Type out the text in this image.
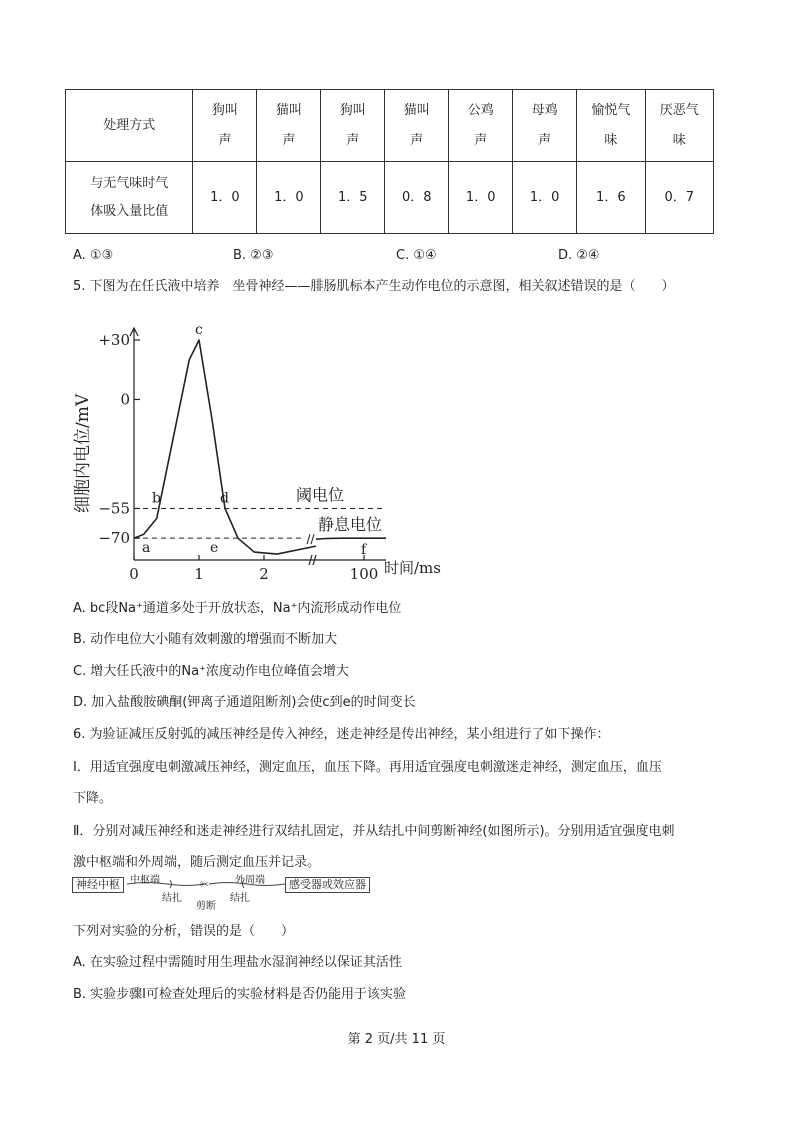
处理方式	狗叫声	猫叫声	狗叫声	猫叫声	公鸡声	母鸡声	愉悦气味	厌恶气味
与无气味时气体吸入量比值	1．0	1．0	1．5	0．8	1．0	1．0	1．6	0．7
A. ①③	B. ②③	C. ①④	D. ②④
5. 下图为在任氏液中培养　坐骨神经——腓肠肌标本产生动作电位的示意图，相关叙述错误的是（　　）
细胞内电位/mV
时间/ms
+30
0
−55
−70
0	1	2	100
阈电位
静息电位
a
b
c
d
e	f
A. bc段Na⁺通道多处于开放状态，Na⁺内流形成动作电位
B. 动作电位大小随有效刺激的增强而不断加大
C. 增大任氏液中的Na⁺浓度动作电位峰值会增大
D. 加入盐酸胺碘酮(钾离子通道阻断剂)会使c到e的时间变长
6. 为验证减压反射弧的减压神经是传入神经，迷走神经是传出神经，某小组进行了如下操作：
Ⅰ．用适宜强度电刺激减压神经，测定血压，血压下降。再用适宜强度电刺激迷走神经，测定血压，血压
下降。
Ⅱ．分别对减压神经和迷走神经进行双结扎固定，并从结扎中间剪断神经(如图所示)。分别用适宜强度电刺
激中枢端和外周端，随后测定血压并记录。
神经中枢	感受器或效应器
✂
中枢端	外周端
结扎	结扎
剪断
下列对实验的分析，错误的是（　　）
A. 在实验过程中需随时用生理盐水湿润神经以保证其活性
B. 实验步骤Ⅰ可检查处理后的实验材料是否仍能用于该实验
第 2 页/共 11 页
